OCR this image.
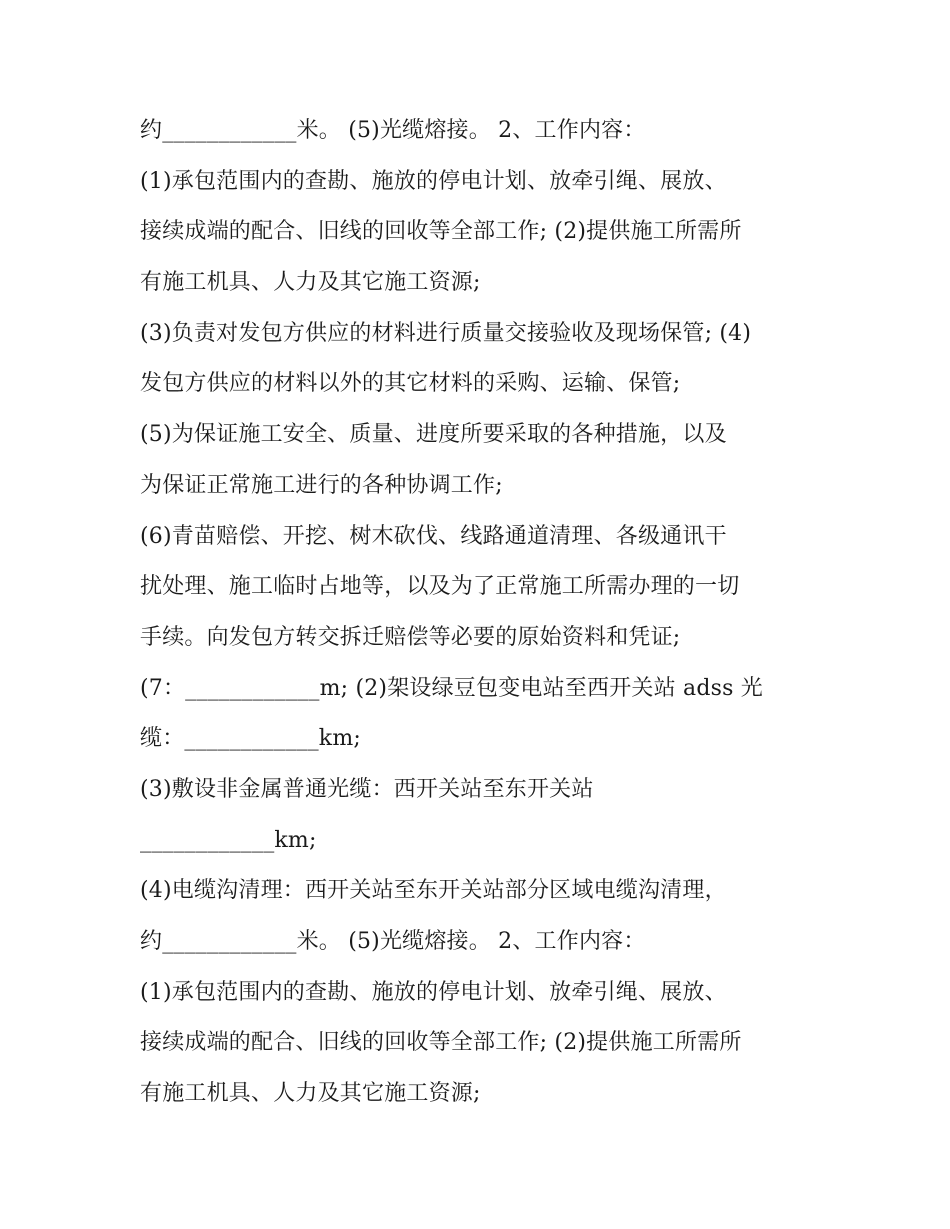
约____________米。 (5)光缆熔接。 2、工作内容：
(1)承包范围内的查勘、施放的停电计划、放牵引绳、展放、
接续成端的配合、旧线的回收等全部工作; (2)提供施工所需所
有施工机具、人力及其它施工资源;
(3)负责对发包方供应的材料进行质量交接验收及现场保管; (4)
发包方供应的材料以外的其它材料的采购、运输、保管;
(5)为保证施工安全、质量、进度所要采取的各种措施，以及
为保证正常施工进行的各种协调工作;
(6)青苗赔偿、开挖、树木砍伐、线路通道清理、各级通讯干
扰处理、施工临时占地等，以及为了正常施工所需办理的一切
手续。向发包方转交拆迁赔偿等必要的原始资料和凭证;
(7：____________m; (2)架设绿豆包变电站至西开关站 adss 光
缆：____________km;
(3)敷设非金属普通光缆：西开关站至东开关站
____________km;
(4)电缆沟清理：西开关站至东开关站部分区域电缆沟清理，
约____________米。 (5)光缆熔接。 2、工作内容：
(1)承包范围内的查勘、施放的停电计划、放牵引绳、展放、
接续成端的配合、旧线的回收等全部工作; (2)提供施工所需所
有施工机具、人力及其它施工资源;
